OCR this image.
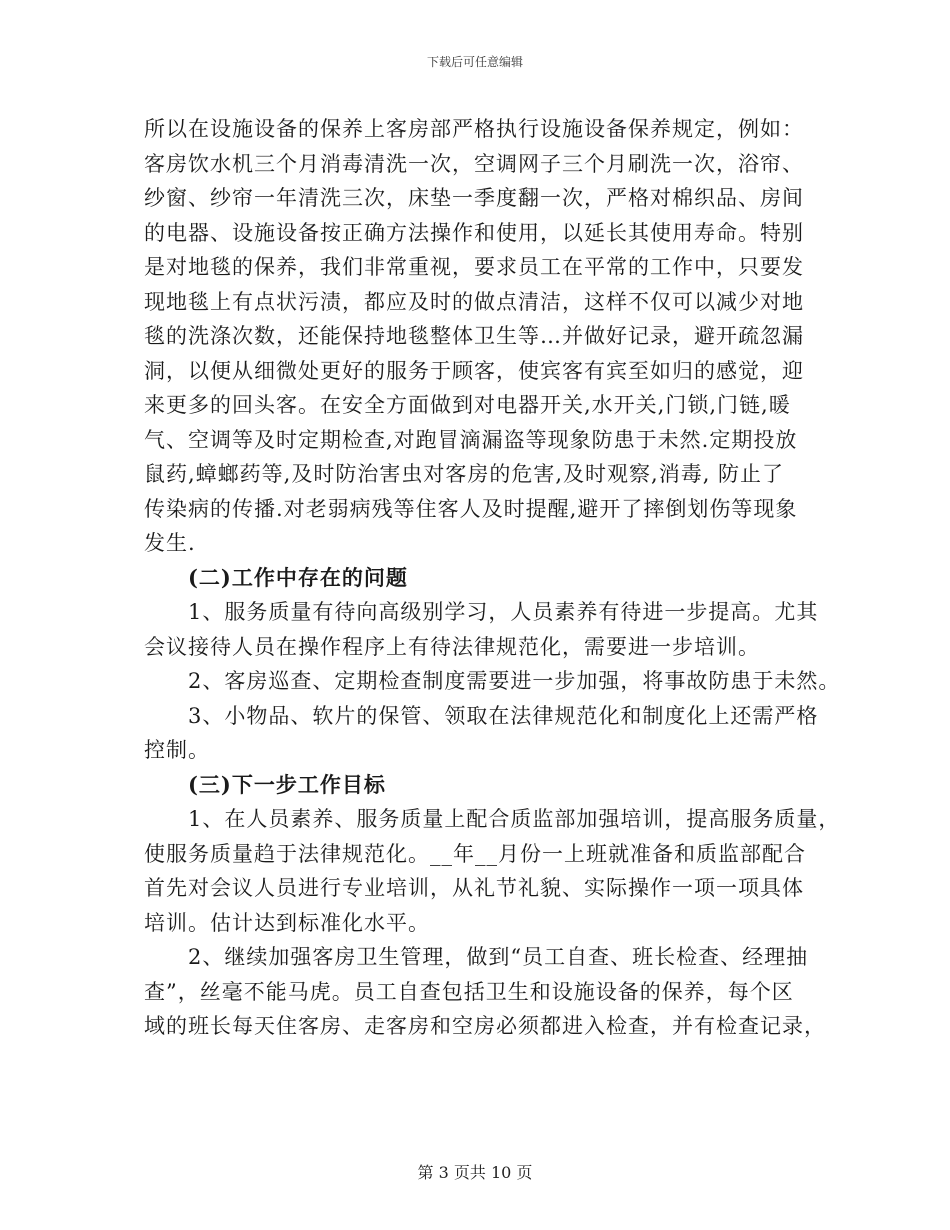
下载后可任意编辑
所以在设施设备的保养上客房部严格执行设施设备保养规定，例如：
客房饮水机三个月消毒清洗一次，空调网子三个月刷洗一次，浴帘、
纱窗、纱帘一年清洗三次，床垫一季度翻一次，严格对棉织品、房间
的电器、设施设备按正确方法操作和使用，以延长其使用寿命。特别
是对地毯的保养，我们非常重视，要求员工在平常的工作中，只要发
现地毯上有点状污渍，都应及时的做点清洁，这样不仅可以减少对地
毯的洗涤次数，还能保持地毯整体卫生等…并做好记录，避开疏忽漏
洞，以便从细微处更好的服务于顾客，使宾客有宾至如归的感觉，迎
来更多的回头客。在安全方面做到对电器开关,水开关,门锁,门链,暖
气、空调等及时定期检查,对跑冒滴漏盗等现象防患于未然.定期投放
鼠药,蟑螂药等,及时防治害虫对客房的危害,及时观察,消毒, 防止了
传染病的传播.对老弱病残等住客人及时提醒,避开了摔倒划伤等现象
发生.
(二)工作中存在的问题
1、服务质量有待向高级别学习，人员素养有待进一步提高。尤其
会议接待人员在操作程序上有待法律规范化，需要进一步培训。
2、客房巡查、定期检查制度需要进一步加强，将事故防患于未然。
3、小物品、软片的保管、领取在法律规范化和制度化上还需严格
控制。
(三)下一步工作目标
1、在人员素养、服务质量上配合质监部加强培训，提高服务质量，
使服务质量趋于法律规范化。__年__月份一上班就准备和质监部配合
首先对会议人员进行专业培训，从礼节礼貌、实际操作一项一项具体
培训。估计达到标准化水平。
2、继续加强客房卫生管理，做到“员工自查、班长检查、经理抽
查”，丝毫不能马虎。员工自查包括卫生和设施设备的保养，每个区
域的班长每天住客房、走客房和空房必须都进入检查，并有检查记录，
第 3 页共 10 页
